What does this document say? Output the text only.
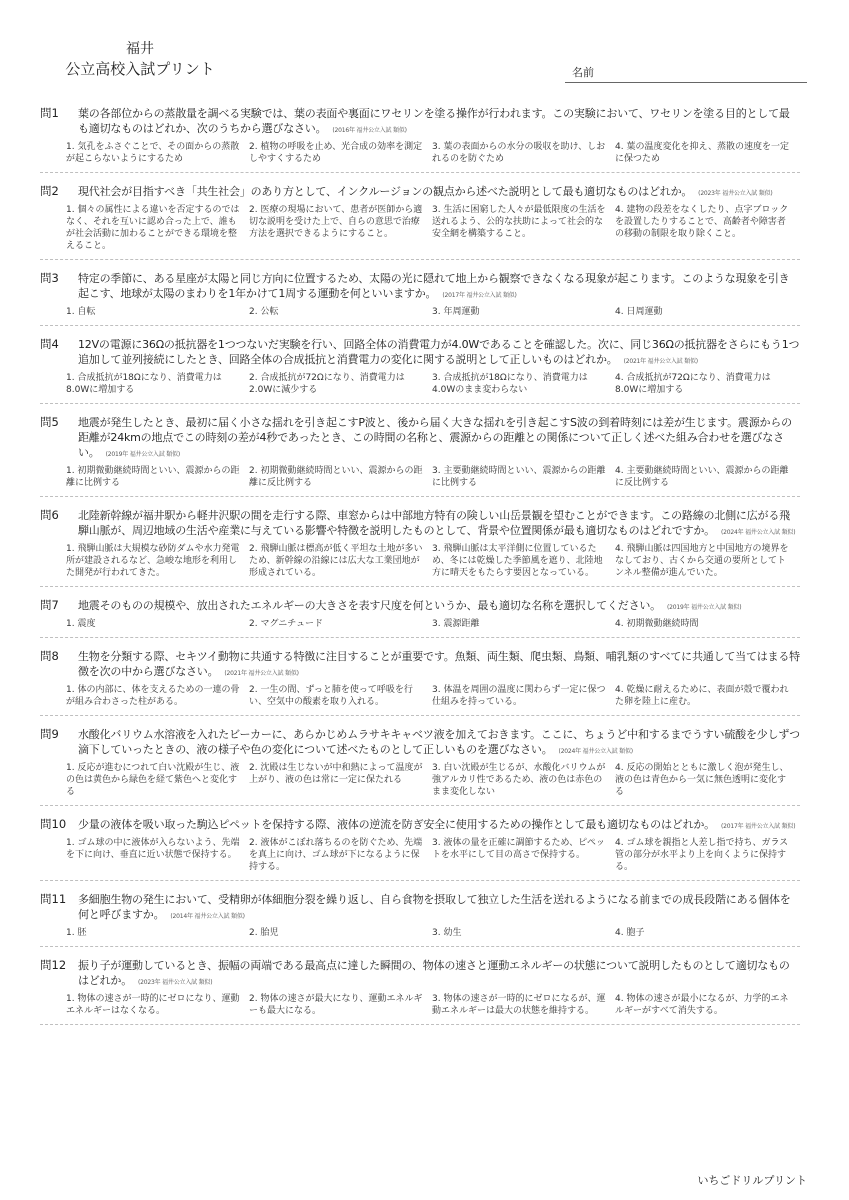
福井
公立高校入試プリント	名前
問1	葉の各部位からの蒸散量を調べる実験では、葉の表面や裏面にワセリンを塗る操作が行われます。この実験において、ワセリンを塗る目的として最も適切なものはどれか、次のうちから選びなさい。 (2016年 福井公立入試 類似)
1. 気孔をふさぐことで、その面からの蒸散が起こらないようにするため
2. 植物の呼吸を止め、光合成の効率を測定しやすくするため
3. 葉の表面からの水分の吸収を助け、しおれるのを防ぐため
4. 葉の温度変化を抑え、蒸散の速度を一定に保つため
問2	現代社会が目指すべき「共生社会」のあり方として、インクルージョンの観点から述べた説明として最も適切なものはどれか。 (2023年 福井公立入試 類似)
1. 個々の属性による違いを否定するのではなく、それを互いに認め合った上で、誰もが社会活動に加わることができる環境を整えること。
2. 医療の現場において、患者が医師から適切な説明を受けた上で、自らの意思で治療方法を選択できるようにすること。
3. 生活に困窮した人々が最低限度の生活を送れるよう、公的な扶助によって社会的な安全網を構築すること。
4. 建物の段差をなくしたり、点字ブロックを設置したりすることで、高齢者や障害者の移動の制限を取り除くこと。
問3	特定の季節に、ある星座が太陽と同じ方向に位置するため、太陽の光に隠れて地上から観察できなくなる現象が起こります。このような現象を引き起こす、地球が太陽のまわりを1年かけて1周する運動を何といいますか。 (2017年 福井公立入試 類似)
1. 自転	2. 公転	3. 年周運動	4. 日周運動
問4	12Vの電源に36Ωの抵抗器を1つつないだ実験を行い、回路全体の消費電力が4.0Wであることを確認した。次に、同じ36Ωの抵抗器をさらにもう1つ追加して並列接続にしたとき、回路全体の合成抵抗と消費電力の変化に関する説明として正しいものはどれか。 (2021年 福井公立入試 類似)
1. 合成抵抗が18Ωになり、消費電力は8.0Wに増加する
2. 合成抵抗が72Ωになり、消費電力は2.0Wに減少する
3. 合成抵抗が18Ωになり、消費電力は4.0Wのまま変わらない
4. 合成抵抗が72Ωになり、消費電力は8.0Wに増加する
問5	地震が発生したとき、最初に届く小さな揺れを引き起こすP波と、後から届く大きな揺れを引き起こすS波の到着時刻には差が生じます。震源からの距離が24kmの地点でこの時刻の差が4秒であったとき、この時間の名称と、震源からの距離との関係について正しく述べた組み合わせを選びなさい。 (2019年 福井公立入試 類似)
1. 初期微動継続時間といい、震源からの距離に比例する
2. 初期微動継続時間といい、震源からの距離に反比例する
3. 主要動継続時間といい、震源からの距離に比例する
4. 主要動継続時間といい、震源からの距離に反比例する
問6	北陸新幹線が福井駅から軽井沢駅の間を走行する際、車窓からは中部地方特有の険しい山岳景観を望むことができます。この路線の北側に広がる飛騨山脈が、周辺地域の生活や産業に与えている影響や特徴を説明したものとして、背景や位置関係が最も適切なものはどれですか。 (2024年 福井公立入試 類似)
1. 飛騨山脈は大規模な砂防ダムや水力発電所が建設されるなど、急峻な地形を利用した開発が行われてきた。
2. 飛騨山脈は標高が低く平坦な土地が多いため、新幹線の沿線には広大な工業団地が形成されている。
3. 飛騨山脈は太平洋側に位置しているため、冬には乾燥した季節風を遮り、北陸地方に晴天をもたらす要因となっている。
4. 飛騨山脈は四国地方と中国地方の境界をなしており、古くから交通の要所としてトンネル整備が進んでいた。
問7	地震そのものの規模や、放出されたエネルギーの大きさを表す尺度を何というか、最も適切な名称を選択してください。 (2019年 福井公立入試 類似)
1. 震度	2. マグニチュード	3. 震源距離	4. 初期微動継続時間
問8	生物を分類する際、セキツイ動物に共通する特徴に注目することが重要です。魚類、両生類、爬虫類、鳥類、哺乳類のすべてに共通して当てはまる特徴を次の中から選びなさい。 (2021年 福井公立入試 類似)
1. 体の内部に、体を支えるための一連の骨が組み合わさった柱がある。
2. 一生の間、ずっと肺を使って呼吸を行い、空気中の酸素を取り入れる。
3. 体温を周囲の温度に関わらず一定に保つ仕組みを持っている。
4. 乾燥に耐えるために、表面が殻で覆われた卵を陸上に産む。
問9	水酸化バリウム水溶液を入れたビーカーに、あらかじめムラサキキャベツ液を加えておきます。ここに、ちょうど中和するまでうすい硫酸を少しずつ滴下していったときの、液の様子や色の変化について述べたものとして正しいものを選びなさい。 (2024年 福井公立入試 類似)
1. 反応が進むにつれて白い沈殿が生じ、液の色は黄色から緑色を経て紫色へと変化する
2. 沈殿は生じないが中和熱によって温度が上がり、液の色は常に一定に保たれる
3. 白い沈殿が生じるが、水酸化バリウムが強アルカリ性であるため、液の色は赤色のまま変化しない
4. 反応の開始とともに激しく泡が発生し、液の色は青色から一気に無色透明に変化する
問10	少量の液体を吸い取った駒込ピペットを保持する際、液体の逆流を防ぎ安全に使用するための操作として最も適切なものはどれか。 (2017年 福井公立入試 類似)
1. ゴム球の中に液体が入らないよう、先端を下に向け、垂直に近い状態で保持する。
2. 液体がこぼれ落ちるのを防ぐため、先端を真上に向け、ゴム球が下になるように保持する。
3. 液体の量を正確に調節するため、ピペットを水平にして目の高さで保持する。
4. ゴム球を親指と人差し指で持ち、ガラス管の部分が水平より上を向くように保持する。
問11	多細胞生物の発生において、受精卵が体細胞分裂を繰り返し、自ら食物を摂取して独立した生活を送れるようになる前までの成長段階にある個体を何と呼びますか。 (2014年 福井公立入試 類似)
1. 胚	2. 胎児	3. 幼生	4. 胞子
問12	振り子が運動しているとき、振幅の両端である最高点に達した瞬間の、物体の速さと運動エネルギーの状態について説明したものとして適切なものはどれか。 (2023年 福井公立入試 類似)
1. 物体の速さが一時的にゼロになり、運動エネルギーはなくなる。
2. 物体の速さが最大になり、運動エネルギーも最大になる。
3. 物体の速さが一時的にゼロになるが、運動エネルギーは最大の状態を維持する。
4. 物体の速さが最小になるが、力学的エネルギーがすべて消失する。
いちごドリルプリント
